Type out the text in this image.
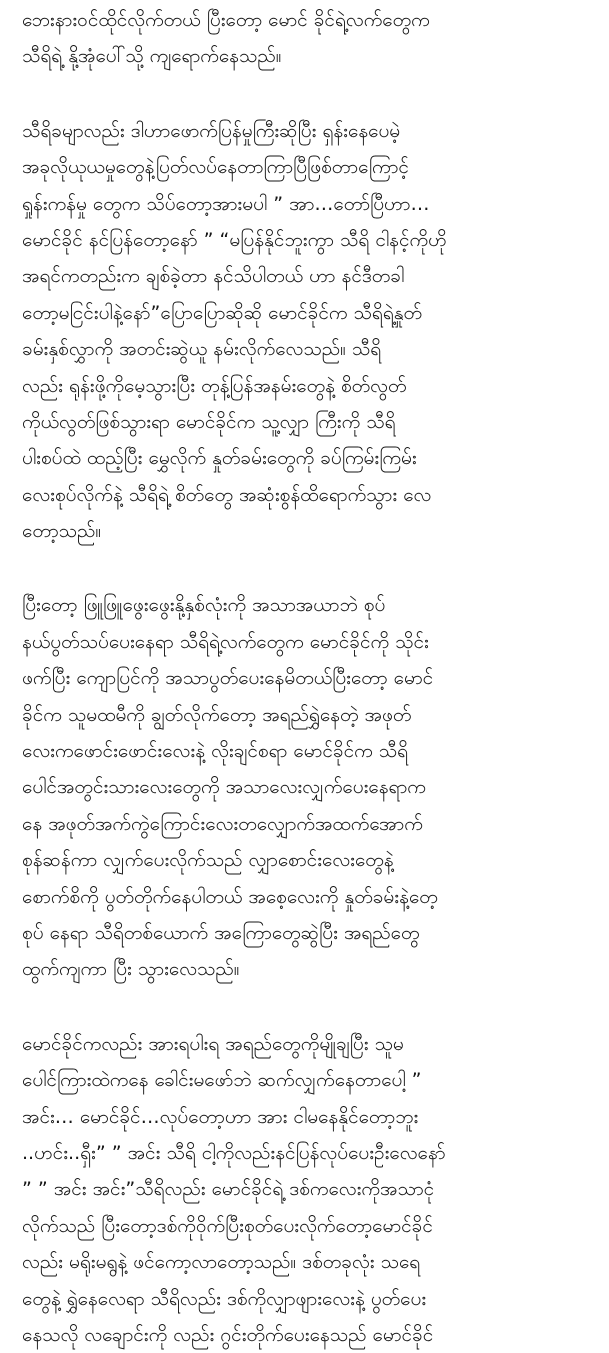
ဘေးနားဝင်ထိုင်လိုက်တယ် ပြီးတော့ မောင် ခိုင်ရဲ့လက်တွေက
သီရိရဲ့ နို့အုံပေါ်သို့ ကျရောက်နေသည်။
သီရိခမျာလည်း ဒါဟာဖောက်ပြန်မှုကြီးဆိုပြီး ရှန်းနေပေမဲ့
အခုလိုယုယမှုတွေနဲ့ပြတ်လပ်နေတာကြာပြီဖြစ်တာကြောင့်
ရှုန်းကန်မှု တွေက သိပ်တော့အားမပါ ” အာ…တော်ပြီဟာ…
မောင်ခိုင် နင်ပြန်တော့နော် ” “မပြန်နိုင်ဘူးကွာ သီရိ ငါနင့်ကိုဟို
အရင်ကတည်းက ချစ်ခဲ့တာ နင်သိပါတယ် ဟာ နင်ဒီတခါ
တော့မငြင်းပါနဲ့နော်”ပြောပြောဆိုဆို မောင်ခိုင်က သီရိရဲ့နှုတ်
ခမ်းနှစ်လွှာကို အတင်းဆွဲယူ နမ်းလိုက်လေသည်။ သီရိ
လည်း ရုန်းဖို့ကိုမေ့သွားပြီး တုန့်ပြန်အနမ်းတွေနဲ့ စိတ်လွတ်
ကိုယ်လွတ်ဖြစ်သွားရာ မောင်ခိုင်က သူ့လျှာ ကြီးကို သီရိ
ပါးစပ်ထဲ ထည့်ပြီး မွှေလိုက် နှုတ်ခမ်းတွေကို ခပ်ကြမ်းကြမ်း
လေးစုပ်လိုက်နဲ့ သီရိရဲ့ စိတ်တွေ အဆုံးစွန်ထိရောက်သွား လေ
တော့သည်။
ပြီးတော့ ဖြူဖြူဖွေးဖွေးနို့နှစ်လုံးကို အသာအယာဘဲ စုပ်
နယ်ပွတ်သပ်ပေးနေရာ သီရိရဲ့လက်တွေက မောင်ခိုင်ကို သိုင်း
ဖက်ပြီး ကျောပြင်ကို အသာပွတ်ပေးနေမိတယ်ပြီးတော့ မောင်
ခိုင်က သူမထမီကို ချွတ်လိုက်တော့ အရည်ရွှဲနေတဲ့ အဖုတ်
လေးကဖောင်းဖောင်းလေးနဲ့ လိုးချင်စရာ မောင်ခိုင်က သီရိ
ပေါင်အတွင်းသားလေးတွေကို အသာလေးလျှက်ပေးနေရာက
နေ အဖုတ်အက်ကွဲကြောင်းလေးတလျှောက်အထက်အောက်
စုန်ဆန်ကာ လျှက်ပေးလိုက်သည် လျှာစောင်းလေးတွေနဲ့
စောက်စိကို ပွတ်တိုက်နေပါတယ် အစေ့လေးကို နှုတ်ခမ်းနဲ့တေ့
စုပ် နေရာ သီရိတစ်ယောက် အကြောတွေဆွဲပြီး အရည်တွေ
ထွက်ကျကာ ပြီး သွားလေသည်။
မောင်ခိုင်ကလည်း အားရပါးရ အရည်တွေကိုမျိုချပြီး သူမ
ပေါင်ကြားထဲကနေ ခေါင်းမဖော်ဘဲ ဆက်လျှက်နေတာပေါ့ ”
အင်း… မောင်ခိုင်…လုပ်တော့ဟာ အား ငါမနေနိုင်တော့ဘူး
..ဟင်း..ရှီး” ” အင်း သီရိ ငါ့ကိုလည်းနင်ပြန်လုပ်ပေးဦးလေနော်
” ” အင်း အင်း”သီရိလည်း မောင်ခိုင်ရဲ့ ဒစ်ကလေးကိုအသာငုံ
လိုက်သည် ပြီးတော့ဒစ်ကိုဝိုက်ပြီးစုတ်ပေးလိုက်တော့မောင်ခိုင်
လည်း မရိုးမရွနဲ့ ဖင်ကော့လာတော့သည်။ ဒစ်တခုလုံး သရေ
တွေနဲ့ ရွှဲနေလေရာ သီရိလည်း ဒစ်ကိုလျှာဖျားလေးနဲ့ ပွတ်ပေး
နေသလို လချောင်းကို လည်း ဂွင်းတိုက်ပေးနေသည် မောင်ခိုင်
